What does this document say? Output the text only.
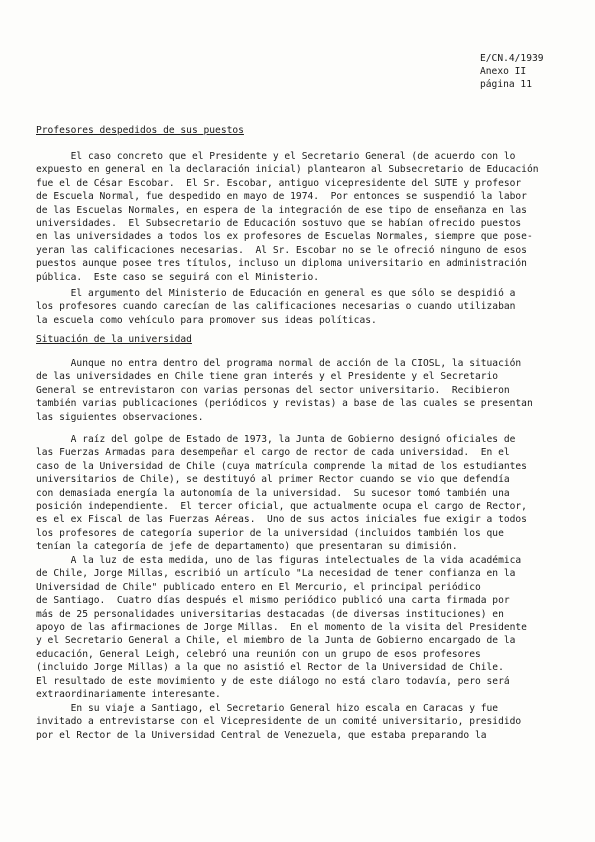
E/CN.4/1939
Anexo II
página 11
Profesores despedidos de sus puestos
El caso concreto que el Presidente y el Secretario General (de acuerdo con lo
expuesto en general en la declaración inicial) plantearon al Subsecretario de Educación
fue el de César Escobar.  El Sr. Escobar, antiguo vicepresidente del SUTE y profesor
de Escuela Normal, fue despedido en mayo de 1974.  Por entonces se suspendió la labor
de las Escuelas Normales, en espera de la integración de ese tipo de enseñanza en las
universidades.  El Subsecretario de Educación sostuvo que se habían ofrecido puestos
en las universidades a todos los ex profesores de Escuelas Normales, siempre que pose-
yeran las calificaciones necesarias.  Al Sr. Escobar no se le ofreció ninguno de esos
puestos aunque posee tres títulos, incluso un diploma universitario en administración
pública.  Este caso se seguirá con el Ministerio.
El argumento del Ministerio de Educación en general es que sólo se despidió a
los profesores cuando carecían de las calificaciones necesarias o cuando utilizaban
la escuela como vehículo para promover sus ideas políticas.
Situación de la universidad
Aunque no entra dentro del programa normal de acción de la CIOSL, la situación
de las universidades en Chile tiene gran interés y el Presidente y el Secretario
General se entrevistaron con varias personas del sector universitario.  Recibieron
también varias publicaciones (periódicos y revistas) a base de las cuales se presentan
las siguientes observaciones.
A raíz del golpe de Estado de 1973, la Junta de Gobierno designó oficiales de
las Fuerzas Armadas para desempeñar el cargo de rector de cada universidad.  En el
caso de la Universidad de Chile (cuya matrícula comprende la mitad de los estudiantes
universitarios de Chile), se destituyó al primer Rector cuando se vio que defendía
con demasiada energía la autonomía de la universidad.  Su sucesor tomó también una
posición independiente.  El tercer oficial, que actualmente ocupa el cargo de Rector,
es el ex Fiscal de las Fuerzas Aéreas.  Uno de sus actos iniciales fue exigir a todos
los profesores de categoría superior de la universidad (incluidos también los que
tenían la categoría de jefe de departamento) que presentaran su dimisión.
A la luz de esta medida, uno de las figuras intelectuales de la vida académica
de Chile, Jorge Millas, escribió un artículo "La necesidad de tener confianza en la
Universidad de Chile" publicado entero en El Mercurio, el principal periódico
de Santiago.  Cuatro días después el mismo periódico publicó una carta firmada por
más de 25 personalidades universitarias destacadas (de diversas instituciones) en
apoyo de las afirmaciones de Jorge Millas.  En el momento de la visita del Presidente
y el Secretario General a Chile, el miembro de la Junta de Gobierno encargado de la
educación, General Leigh, celebró una reunión con un grupo de esos profesores
(incluido Jorge Millas) a la que no asistió el Rector de la Universidad de Chile.
El resultado de este movimiento y de este diálogo no está claro todavía, pero será
extraordinariamente interesante.
En su viaje a Santiago, el Secretario General hizo escala en Caracas y fue
invitado a entrevistarse con el Vicepresidente de un comité universitario, presidido
por el Rector de la Universidad Central de Venezuela, que estaba preparando la
